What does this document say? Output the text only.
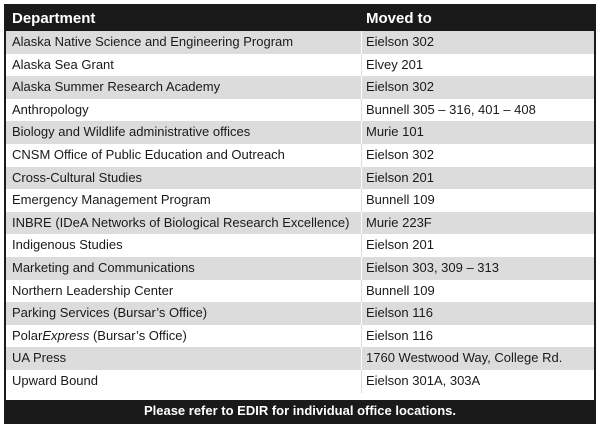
Department	Moved to
Alaska Native Science and Engineering Program	Eielson 302
Alaska Sea Grant	Elvey 201
Alaska Summer Research Academy	Eielson 302
Anthropology	Bunnell 305 – 316, 401 – 408
Biology and Wildlife administrative offices	Murie 101
CNSM Office of Public Education and Outreach	Eielson 302
Cross-Cultural Studies	Eielson 201
Emergency Management Program	Bunnell 109
INBRE (IDeA Networks of Biological Research Excellence)	Murie 223F
Indigenous Studies	Eielson 201
Marketing and Communications	Eielson 303, 309 – 313
Northern Leadership Center	Bunnell 109
Parking Services (Bursar’s Office)	Eielson 116
PolarExpress (Bursar’s Office)	Eielson 116
UA Press	1760 Westwood Way, College Rd.
Upward Bound	Eielson 301A, 303A
Please refer to EDIR for individual office locations.
